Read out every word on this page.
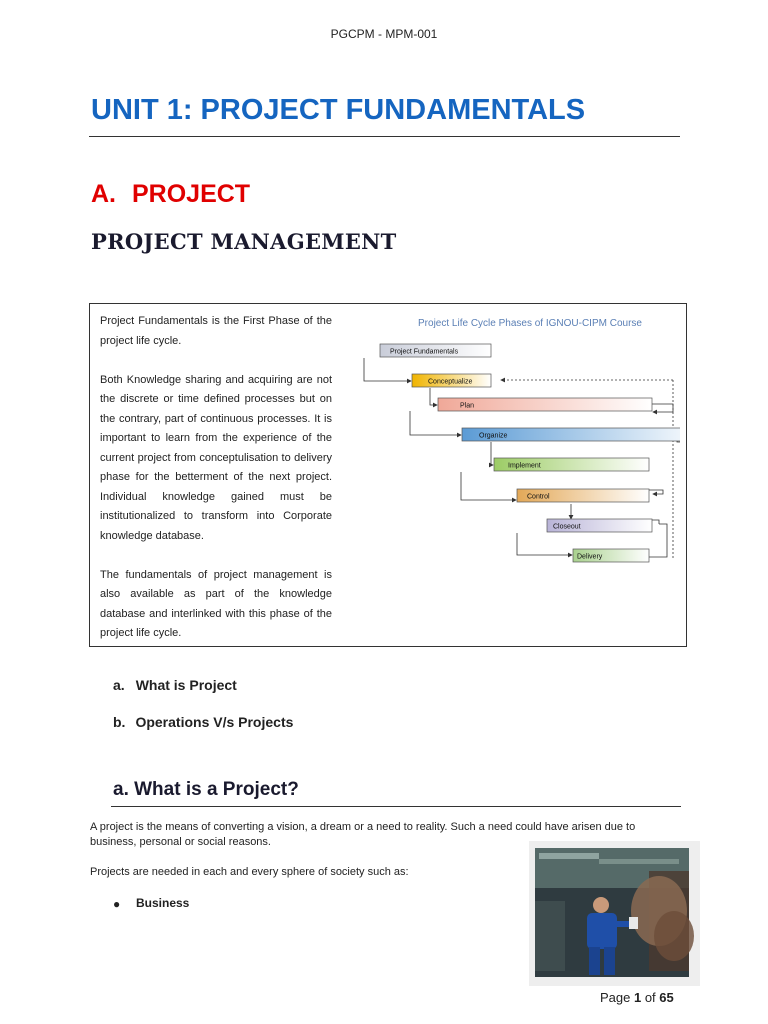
PGCPM - MPM-001
UNIT 1: PROJECT FUNDAMENTALS
A. PROJECT
PROJECT MANAGEMENT

Project Fundamentals is the First Phase of the project life cycle.

Both Knowledge sharing and acquiring are not the discrete or time defined processes but on the contrary, part of continuous processes. It is important to learn from the experience of the current project from conceptulisation to delivery phase for the betterment of the next project. Individual knowledge gained must be institutionalized to transform into Corporate knowledge database.

The fundamentals of project management is also available as part of the knowledge database and interlinked with this phase of the project life cycle.

Project Life Cycle Phases of IGNOU-CIPM Course
Project Fundamentals
Conceptualize
Plan
Organize
Implement
Control
Closeout
Delivery
a. What is Project
b. Operations V/s Projects
a. What is a Project?
A project is the means of converting a vision, a dream or a need to reality. Such a need could have arisen due to business, personal or social reasons.
Projects are needed in each and every sphere of society such as:
● Business
Page 1 of 65
